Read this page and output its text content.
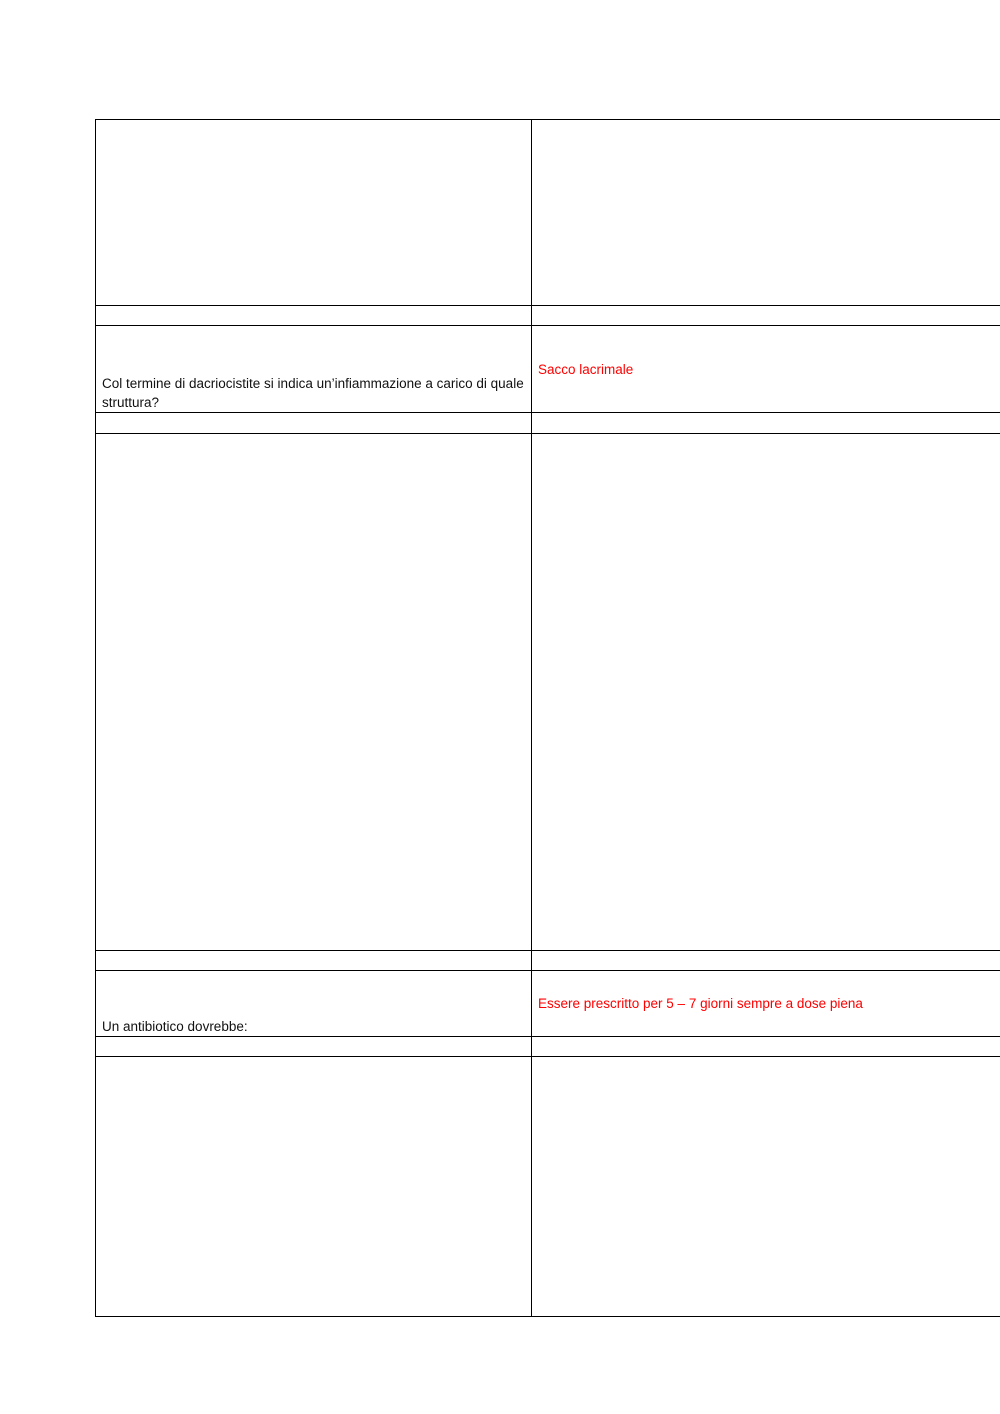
Col termine di dacriocistite si indica un’infiammazione a carico di quale struttura?	Sacco lacrimale

Un antibiotico dovrebbe:	Essere prescritto per 5 – 7 giorni sempre a dose piena
